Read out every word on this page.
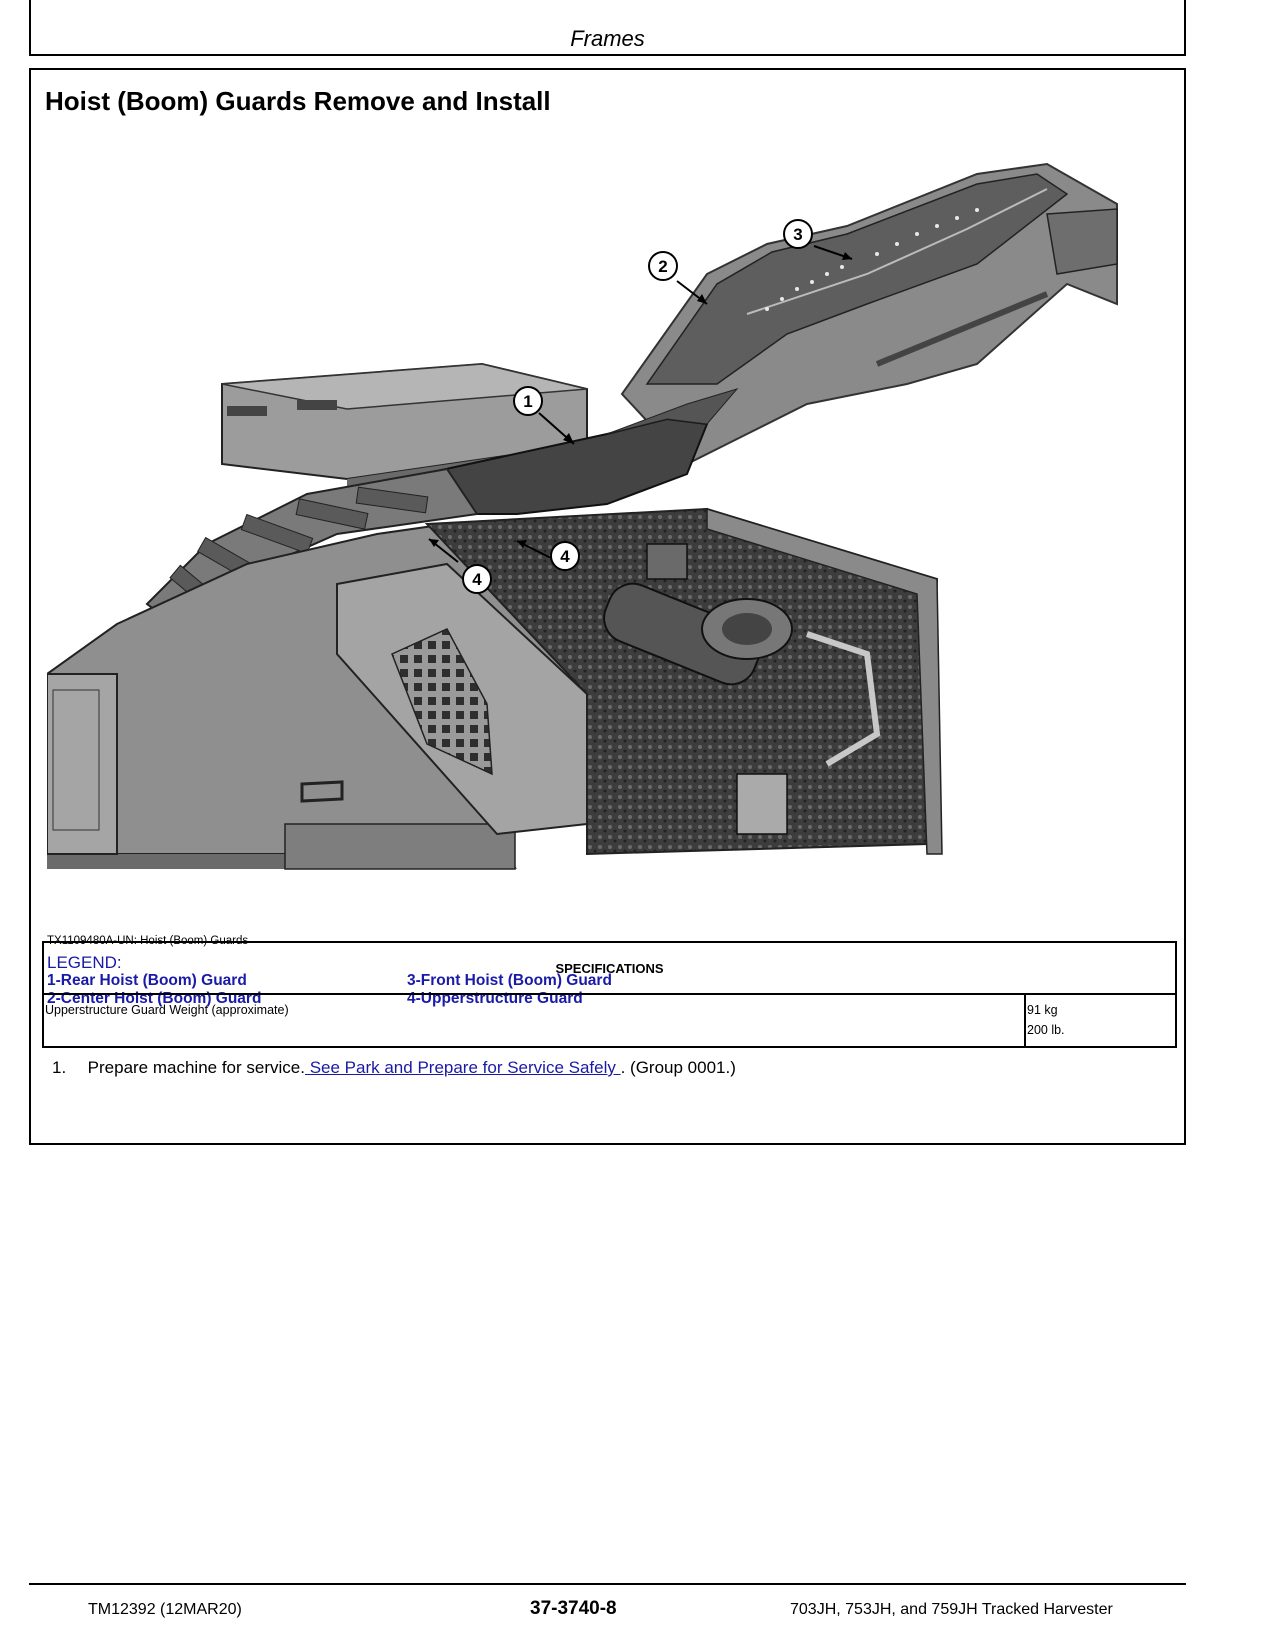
Frames
Hoist (Boom) Guards Remove and Install
1
2
3
4
4
TX1109480A-UN: Hoist (Boom) Guards
LEGEND:
1-Rear Hoist (Boom) Guard
2-Center Hoist (Boom) Guard
3-Front Hoist (Boom) Guard
4-Upperstructure Guard
SPECIFICATIONS
Upperstructure Guard Weight (approximate)	91 kg
200 lb.
1. Prepare machine for service. See Park and Prepare for Service Safely . (Group 0001.)
TM12392 (12MAR20)	37-3740-8	703JH, 753JH, and 759JH Tracked Harvester
